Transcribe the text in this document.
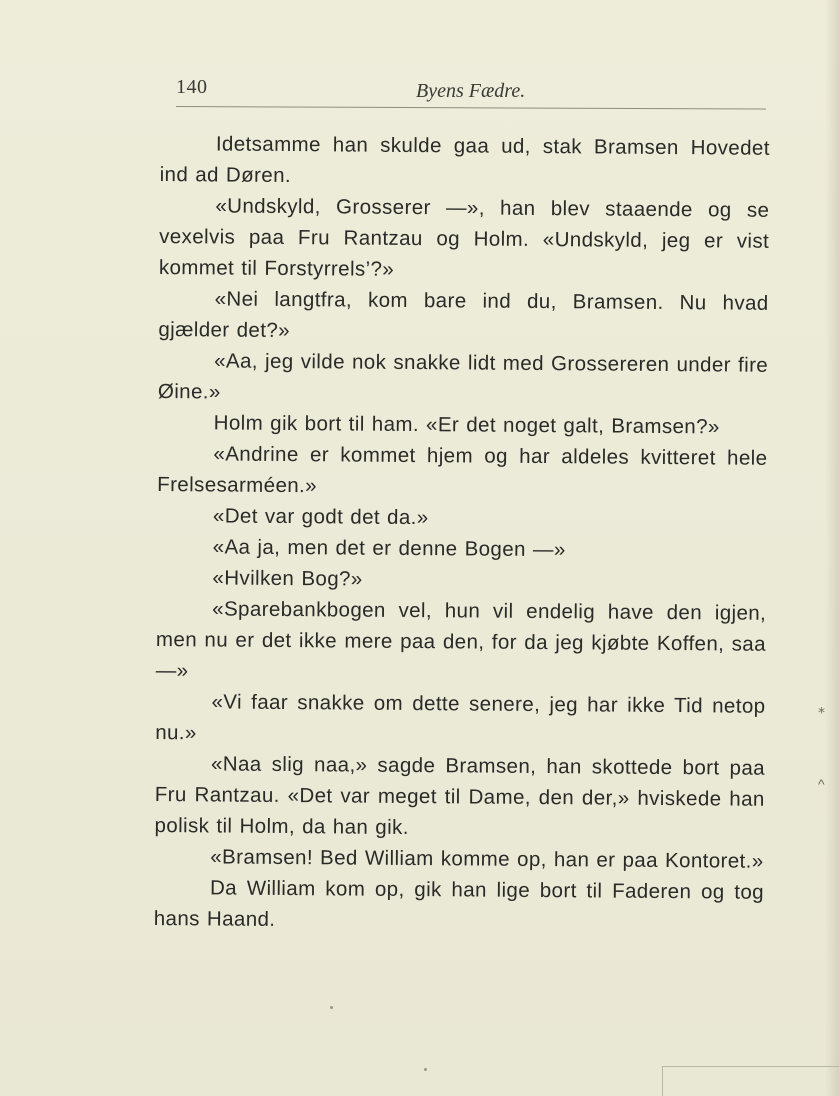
140	Byens Fædre.

Idetsamme han skulde gaa ud, stak Bramsen Hovedet ind ad Døren.

«Undskyld, Grosserer —», han blev staaende og se vexelvis paa Fru Rantzau og Holm. «Undskyld, jeg er vist kommet til Forstyrrels’?»

«Nei langtfra, kom bare ind du, Bramsen. Nu hvad gjælder det?»

«Aa, jeg vilde nok snakke lidt med Grossereren under fire Øine.»

Holm gik bort til ham. «Er det noget galt, Bramsen?»

«Andrine er kommet hjem og har aldeles kvitteret hele Frelsesarméen.»

«Det var godt det da.»

«Aa ja, men det er denne Bogen —»

«Hvilken Bog?»

«Sparebankbogen vel, hun vil endelig have den igjen, men nu er det ikke mere paa den, for da jeg kjøbte Koffen, saa —»

«Vi faar snakke om dette senere, jeg har ikke Tid netop nu.»

«Naa slig naa,» sagde Bramsen, han skottede bort paa Fru Rantzau. «Det var meget til Dame, den der,» hviskede han polisk til Holm, da han gik.

«Bramsen! Bed William komme op, han er paa Kontoret.»

Da William kom op, gik han lige bort til Faderen og tog hans Haand.

⁎
^
